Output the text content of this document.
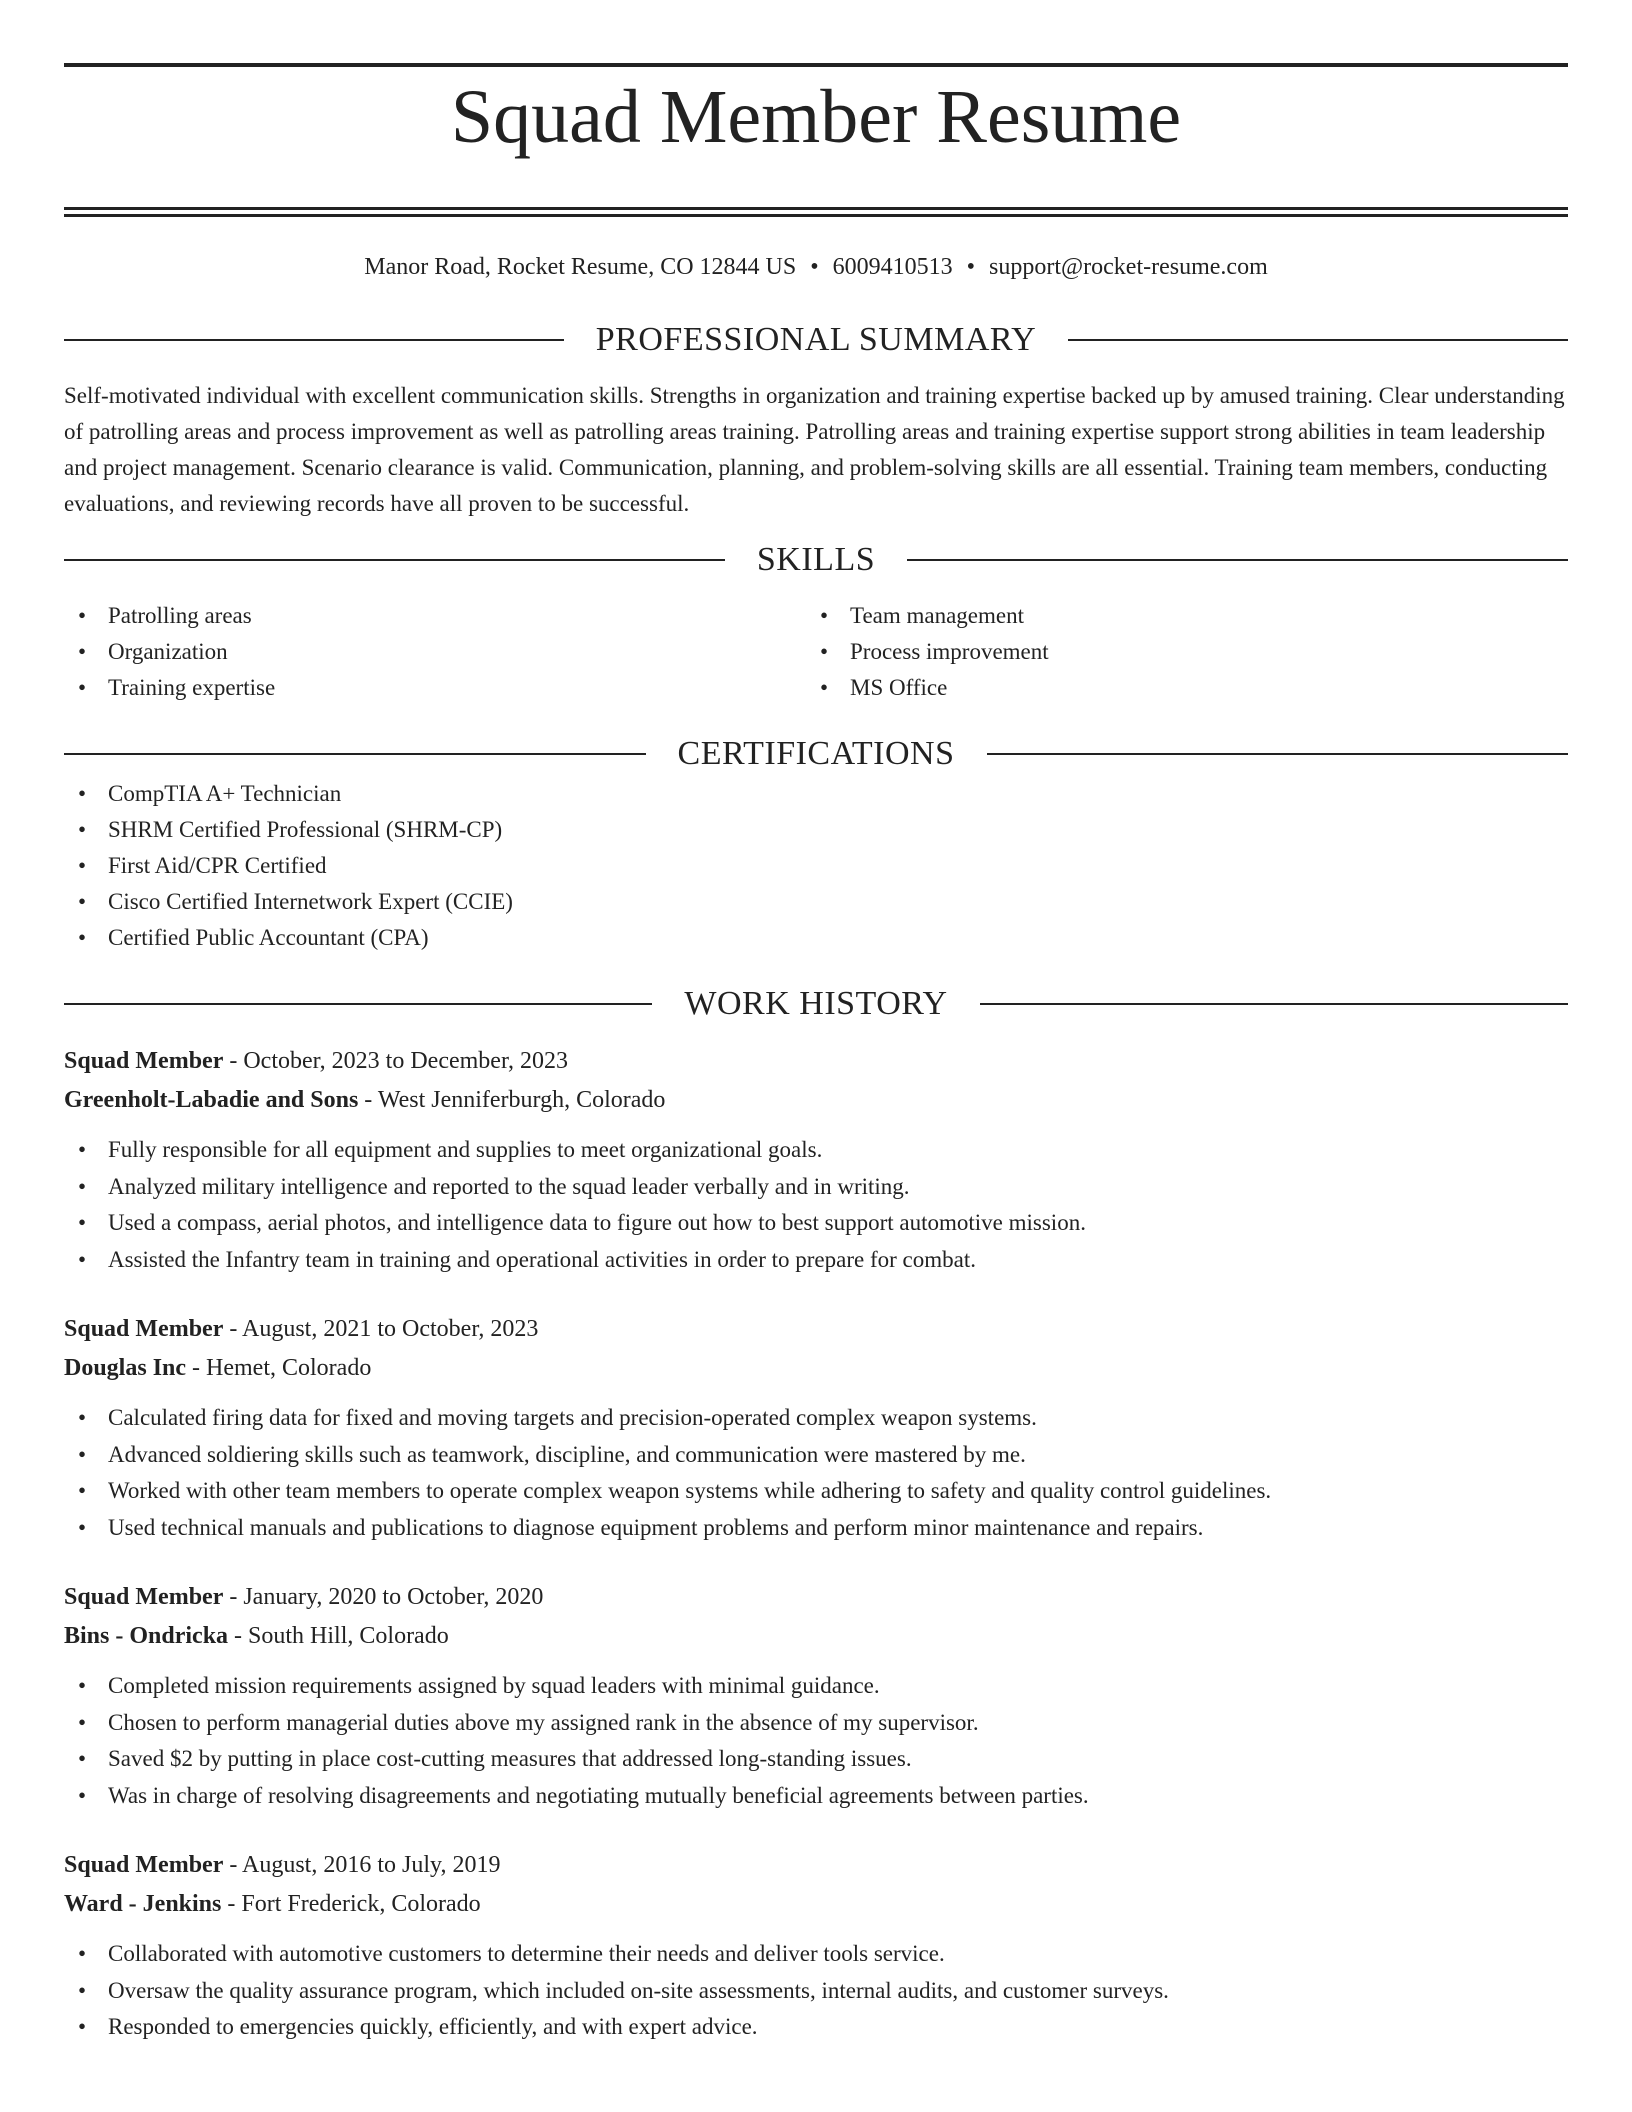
Squad Member Resume
Manor Road, Rocket Resume, CO 12844 US • 6009410513 • support@rocket-resume.com
PROFESSIONAL SUMMARY

Self-motivated individual with excellent communication skills. Strengths in organization and training expertise backed up by amused training. Clear understanding of patrolling areas and process improvement as well as patrolling areas training. Patrolling areas and training expertise support strong abilities in team leadership and project management. Scenario clearance is valid. Communication, planning, and problem-solving skills are all essential. Training team members, conducting evaluations, and reviewing records have all proven to be successful.

SKILLS
• Patrolling areas
• Organization
• Training expertise
• Team management
• Process improvement
• MS Office
CERTIFICATIONS
• CompTIA A+ Technician
• SHRM Certified Professional (SHRM-CP)
• First Aid/CPR Certified
• Cisco Certified Internetwork Expert (CCIE)
• Certified Public Accountant (CPA)
WORK HISTORY
Squad Member - October, 2023 to December, 2023
Greenholt-Labadie and Sons - West Jenniferburgh, Colorado
• Fully responsible for all equipment and supplies to meet organizational goals.
• Analyzed military intelligence and reported to the squad leader verbally and in writing.
• Used a compass, aerial photos, and intelligence data to figure out how to best support automotive mission.
• Assisted the Infantry team in training and operational activities in order to prepare for combat.
Squad Member - August, 2021 to October, 2023
Douglas Inc - Hemet, Colorado
• Calculated firing data for fixed and moving targets and precision-operated complex weapon systems.
• Advanced soldiering skills such as teamwork, discipline, and communication were mastered by me.
• Worked with other team members to operate complex weapon systems while adhering to safety and quality control guidelines.
• Used technical manuals and publications to diagnose equipment problems and perform minor maintenance and repairs.
Squad Member - January, 2020 to October, 2020
Bins - Ondricka - South Hill, Colorado
• Completed mission requirements assigned by squad leaders with minimal guidance.
• Chosen to perform managerial duties above my assigned rank in the absence of my supervisor.
• Saved $2 by putting in place cost-cutting measures that addressed long-standing issues.
• Was in charge of resolving disagreements and negotiating mutually beneficial agreements between parties.
Squad Member - August, 2016 to July, 2019
Ward - Jenkins - Fort Frederick, Colorado
• Collaborated with automotive customers to determine their needs and deliver tools service.
• Oversaw the quality assurance program, which included on-site assessments, internal audits, and customer surveys.
• Responded to emergencies quickly, efficiently, and with expert advice.
